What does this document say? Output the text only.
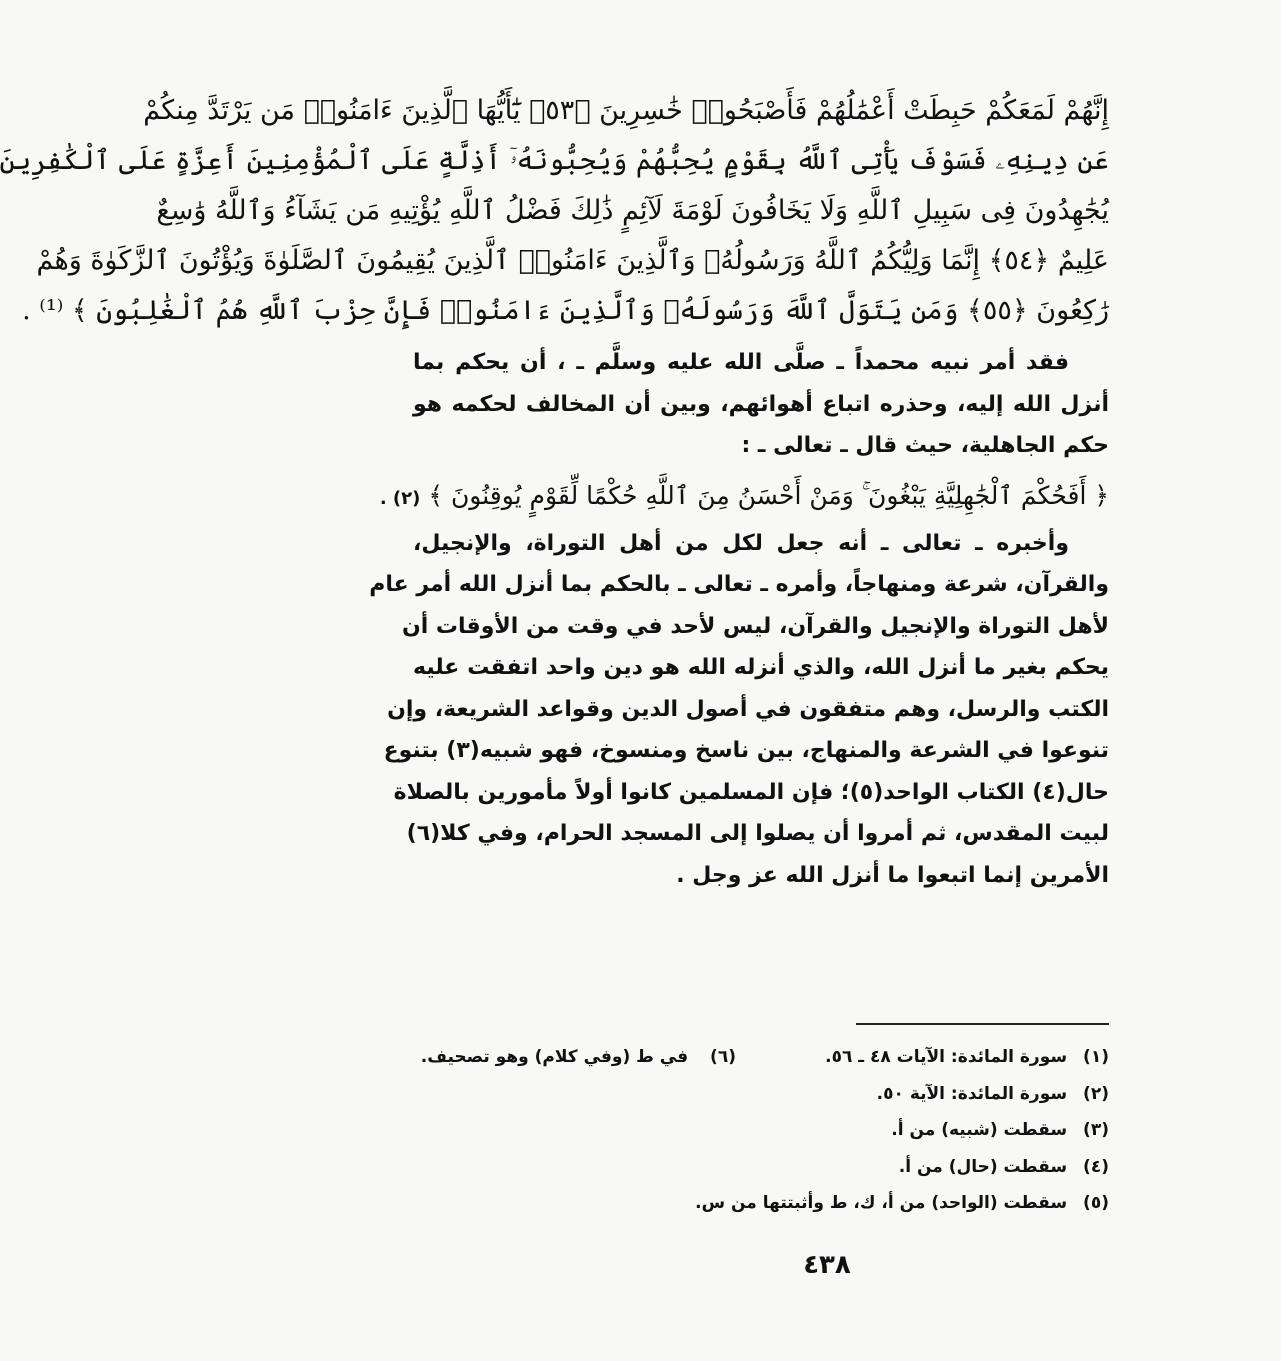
إِنَّهُمْ لَمَعَكُمْ حَبِطَتْ أَعْمَٰلُهُمْ فَأَصْبَحُوا۟ خَٰسِرِينَ ﴿٥٣﴾ يَٰٓأَيُّهَا ٱلَّذِينَ ءَامَنُوا۟ مَن يَرْتَدَّ مِنكُمْ

عَن دِينِهِۦ فَسَوْفَ يَأْتِى ٱللَّهُ بِقَوْمٍ يُحِبُّهُمْ وَيُحِبُّونَهُۥٓ أَذِلَّةٍ عَلَى ٱلْمُؤْمِنِينَ أَعِزَّةٍ عَلَى ٱلْكَٰفِرِينَ

يُجَٰهِدُونَ فِى سَبِيلِ ٱللَّهِ وَلَا يَخَافُونَ لَوْمَةَ لَآئِمٍ ذَٰلِكَ فَضْلُ ٱللَّهِ يُؤْتِيهِ مَن يَشَآءُ وَٱللَّهُ وَٰسِعٌ

عَلِيمٌ ﴿٥٤﴾ إِنَّمَا وَلِيُّكُمُ ٱللَّهُ وَرَسُولُهُۥ وَٱلَّذِينَ ءَامَنُوا۟ ٱلَّذِينَ يُقِيمُونَ ٱلصَّلَوٰةَ وَيُؤْتُونَ ٱلزَّكَوٰةَ وَهُمْ

رَٰكِعُونَ ﴿٥٥﴾ وَمَن يَتَوَلَّ ٱللَّهَ وَرَسُولَهُۥ وَٱلَّذِينَ ءَامَنُوا۟ فَإِنَّ حِزْبَ ٱللَّهِ هُمُ ٱلْغَٰلِبُونَ ﴾ ⁽¹⁾ .

فقد أمر نبيه محمداً ـ صلَّى الله عليه وسلَّم ـ ، أن يحكم بما

أنزل الله إليه، وحذره اتباع أهوائهم، وبين أن المخالف لحكمه هو

حكم الجاهلية، حيث قال ـ تعالى ـ :

﴿ أَفَحُكْمَ ٱلْجَٰهِلِيَّةِ يَبْغُونَ ۚ وَمَنْ أَحْسَنُ مِنَ ٱللَّهِ حُكْمًا لِّقَوْمٍ يُوقِنُونَ ﴾ (٢) .

وأخبره ـ تعالى ـ أنه جعل لكل من أهل التوراة، والإنجيل،

والقرآن، شرعة ومنهاجاً، وأمره ـ تعالى ـ بالحكم بما أنزل الله أمر عام

لأهل التوراة والإنجيل والقرآن، ليس لأحد في وقت من الأوقات أن

يحكم بغير ما أنزل الله، والذي أنزله الله هو دين واحد اتفقت عليه

الكتب والرسل، وهم متفقون في أصول الدين وقواعد الشريعة، وإن

تنوعوا في الشرعة والمنهاج، بين ناسخ ومنسوخ، فهو شبيه(٣) بتنوع

حال(٤) الكتاب الواحد(٥)؛ فإن المسلمين كانوا أولاً مأمورين بالصلاة

لبيت المقدس، ثم أمروا أن يصلوا إلى المسجد الحرام، وفي كلا(٦)

الأمرين إنما اتبعوا ما أنزل الله عز وجل .

(١) سورة المائدة: الآيات ٤٨ ـ ٥٦.
(٢) سورة المائدة: الآية ٥٠.
(٣) سقطت (شبيه) من أ.
(٤) سقطت (حال) من أ.
(٥) سقطت (الواحد) من أ، ك، ط وأثبتتها من س.
(٦) في ط (وفي كلام) وهو تصحيف.
٤٣٨
